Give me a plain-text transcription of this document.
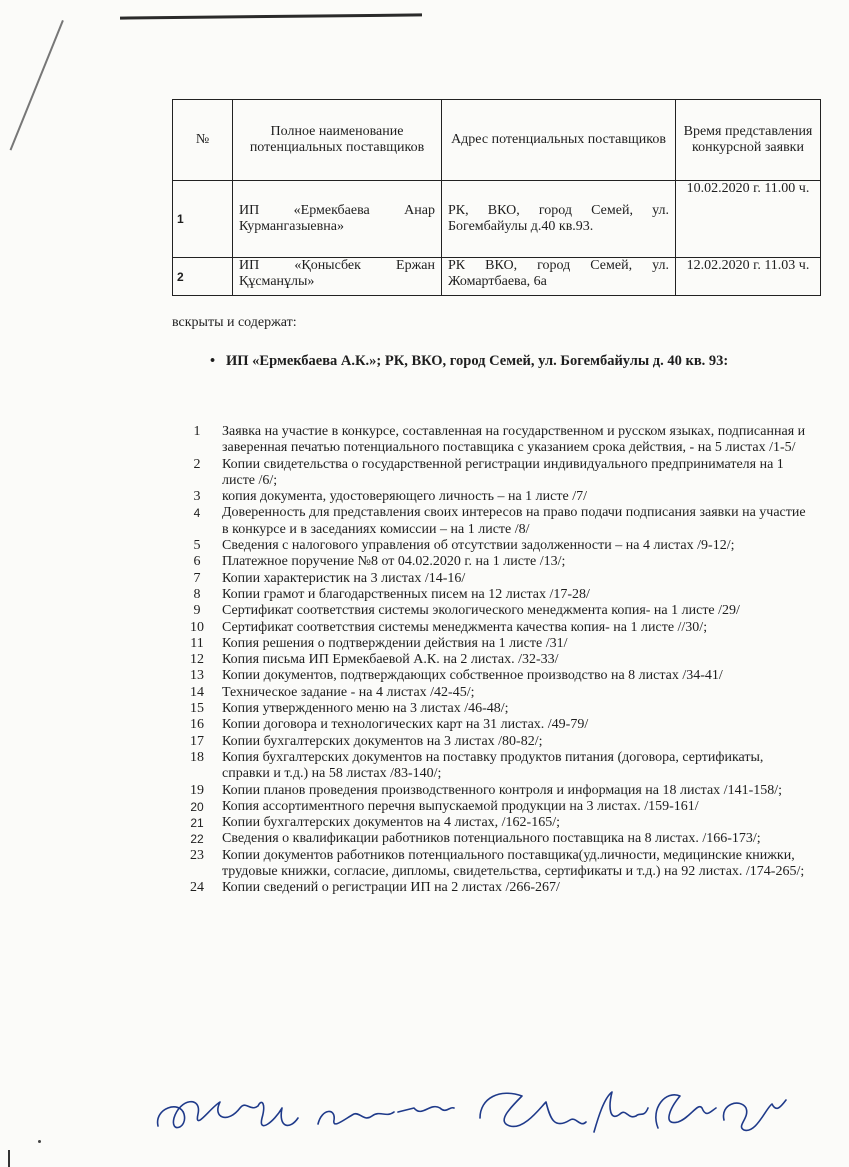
№	Полное наименование потенциальных поставщиков	Адрес потенциальных поставщиков	Время представления конкурсной заявки
1	ИП «Ермекбаева Анар Курмангазыевна»	РК, ВКО, город Семей, ул. Богембайулы д.40 кв.93.	10.02.2020 г. 11.00 ч.
2	ИП «Қонысбек Ержан Құсманұлы»	РК ВКО, город Семей, ул. Жомартбаева, 6а	12.02.2020 г. 11.03 ч.
вскрыты и содержат:
• ИП «Ермекбаева А.К.»; РК, ВКО, город Семей, ул. Богембайулы д. 40 кв. 93:
1	Заявка на участие в конкурсе, составленная на государственном и русском языках, подписанная и заверенная печатью потенциального поставщика с указанием срока действия, - на 5 листах /1-5/
2	Копии свидетельства о государственной регистрации индивидуального предпринимателя на 1 листе /6/;
3	копия документа, удостоверяющего личность – на 1 листе /7/
4	Доверенность для представления своих интересов на право подачи подписания заявки на участие в конкурсе и в заседаниях комиссии – на 1 листе /8/
5	Сведения с налогового управления об отсутствии задолженности – на 4 листах /9-12/;
6	Платежное поручение №8 от 04.02.2020 г. на 1 листе /13/;
7	Копии характеристик на 3 листах /14-16/
8	Копии грамот и благодарственных писем на 12 листах /17-28/
9	Сертификат соответствия системы экологического менеджмента копия- на 1 листе /29/
10 Сертификат соответствия системы менеджмента качества копия- на 1 листе //30/;
11	Копия решения о подтверждении действия на 1 листе /31/
12 Копия письма ИП Ермекбаевой А.К. на 2 листах. /32-33/
13 Копии документов, подтверждающих собственное производство на 8 листах /34-41/
14 Техническое задание - на 4 листах /42-45/;
15 Копия утвержденного меню на 3 листах /46-48/;
16 Копии договора и технологических карт на 31 листах. /49-79/
17 Копии бухгалтерских документов на 3 листах /80-82/;
18 Копия бухгалтерских документов на поставку продуктов питания (договора, сертификаты, справки и т.д.) на 58 листах /83-140/;
19 Копии планов проведения производственного контроля и информация на 18 листах /141-158/;
20	Копия ассортиментного перечня выпускаемой продукции на 3 листах. /159-161/
21	Копии бухгалтерских документов на 4 листах, /162-165/;
22	Сведения о квалификации работников потенциального поставщика на 8 листах. /166-173/;
23 Копии документов работников потенциального поставщика(уд.личности, медицинские книжки, трудовые книжки, согласие, дипломы, свидетельства, сертификаты и т.д.) на 92 листах. /174-265/;
24 Копии сведений о регистрации ИП на 2 листах /266-267/
